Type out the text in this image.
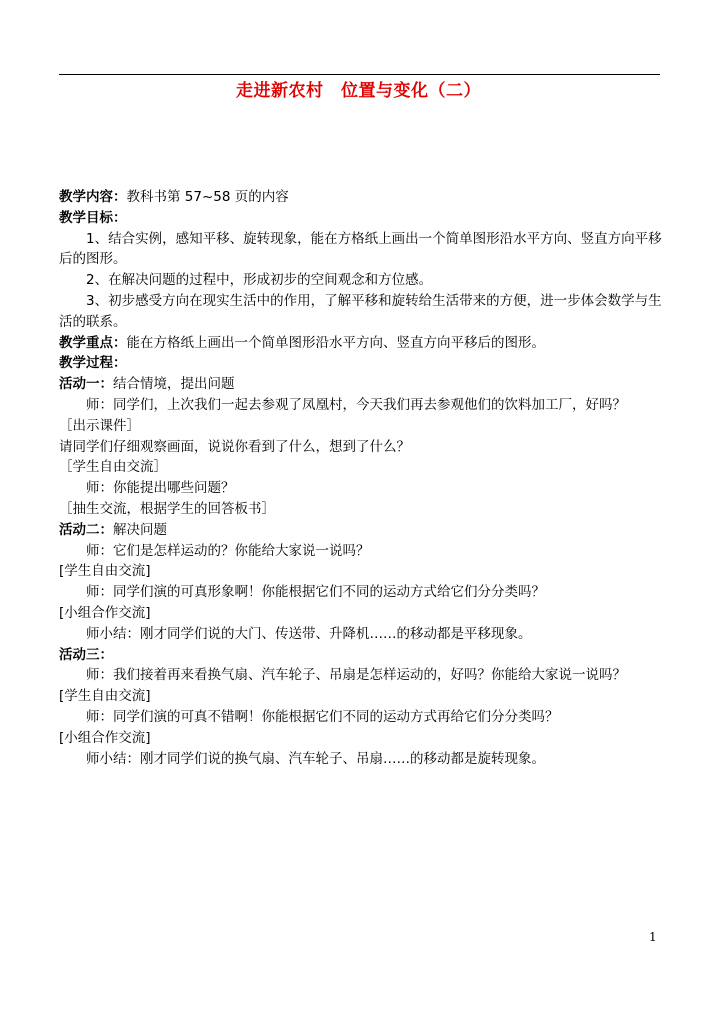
走进新农村　位置与变化（二）
教学内容：教科书第 57~58 页的内容
教学目标：
1、结合实例，感知平移、旋转现象，能在方格纸上画出一个简单图形沿水平方向、竖直方向平移后的图形。
2、在解决问题的过程中，形成初步的空间观念和方位感。
3、初步感受方向在现实生活中的作用，了解平移和旋转给生活带来的方便，进一步体会数学与生活的联系。
教学重点：能在方格纸上画出一个简单图形沿水平方向、竖直方向平移后的图形。
教学过程：
活动一：结合情境，提出问题
师：同学们，上次我们一起去参观了凤凰村，今天我们再去参观他们的饮料加工厂，好吗？
［出示课件］
请同学们仔细观察画面，说说你看到了什么，想到了什么？
［学生自由交流］
师：你能提出哪些问题？
［抽生交流，根据学生的回答板书］
活动二：解决问题
师：它们是怎样运动的？你能给大家说一说吗？
[学生自由交流]
师：同学们演的可真形象啊！你能根据它们不同的运动方式给它们分分类吗？
[小组合作交流]
师小结：刚才同学们说的大门、传送带、升降机……的移动都是平移现象。
活动三：
师：我们接着再来看换气扇、汽车轮子、吊扇是怎样运动的，好吗？你能给大家说一说吗？
[学生自由交流]
师：同学们演的可真不错啊！你能根据它们不同的运动方式再给它们分分类吗？
[小组合作交流]
师小结：刚才同学们说的换气扇、汽车轮子、吊扇……的移动都是旋转现象。
1
